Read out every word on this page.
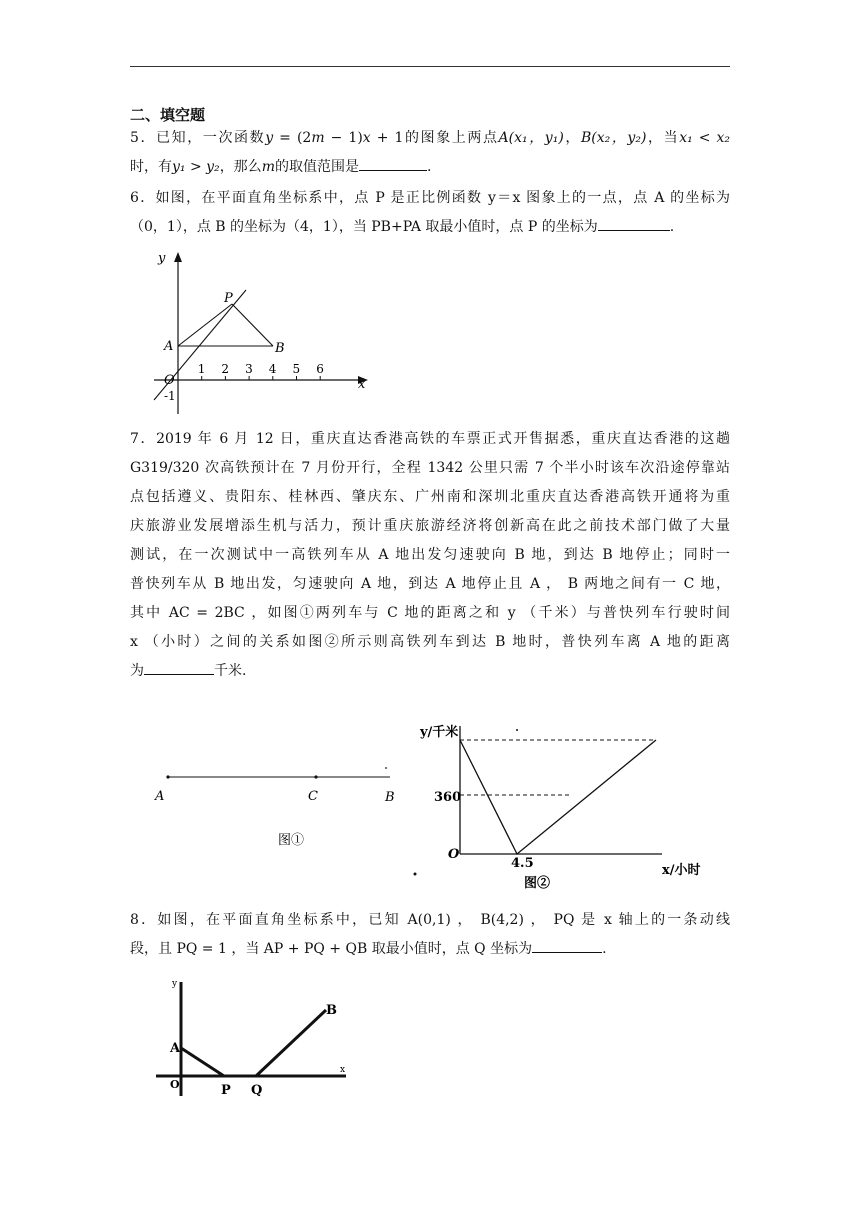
二、填空题
5．已知，一次函数y = (2m − 1)x + 1的图象上两点A(x₁，y₁)，B(x₂，y₂)，当x₁ < x₂
时，有y₁ > y₂，那么m的取值范围是	.
6．如图，在平面直角坐标系中，点 P 是正比例函数 y＝x 图象上的一点，点 A 的坐标为
（0，1），点 B 的坐标为（4，1），当 PB+PA 取最小值时，点 P 的坐标为	.
y
x
O
-1
1 2 3 4 5 6
P
A	B
7．2019 年 6 月 12 日，重庆直达香港高铁的车票正式开售据悉，重庆直达香港的这趟
G319/320 次高铁预计在 7 月份开行，全程 1342 公里只需 7 个半小时该车次沿途停靠站
点包括遵义、贵阳东、桂林西、肇庆东、广州南和深圳北重庆直达香港高铁开通将为重
庆旅游业发展增添生机与活力，预计重庆旅游经济将创新高在此之前技术部门做了大量
测试，在一次测试中一高铁列车从 A 地出发匀速驶向 B 地，到达 B 地停止；同时一
普快列车从 B 地出发，匀速驶向 A 地，到达 A 地停止且 A ， B 两地之间有一 C 地，
其中 AC = 2BC ，如图①两列车与 C 地的距离之和 y （千米）与普快列车行驶时间
x （小时）之间的关系如图②所示则高铁列车到达 B 地时，普快列车离 A 地的距离
为	千米.
A	C	B
图①
y/千米
x/小时
O
360
4.5
图②
8．如图，在平面直角坐标系中，已知 A(0,1) ， B(4,2) ， PQ 是 x 轴上的一条动线
段，且 PQ = 1 ，当 AP + PQ + QB 取最小值时，点 Q 坐标为	.
y
x
O
A
B
P Q
